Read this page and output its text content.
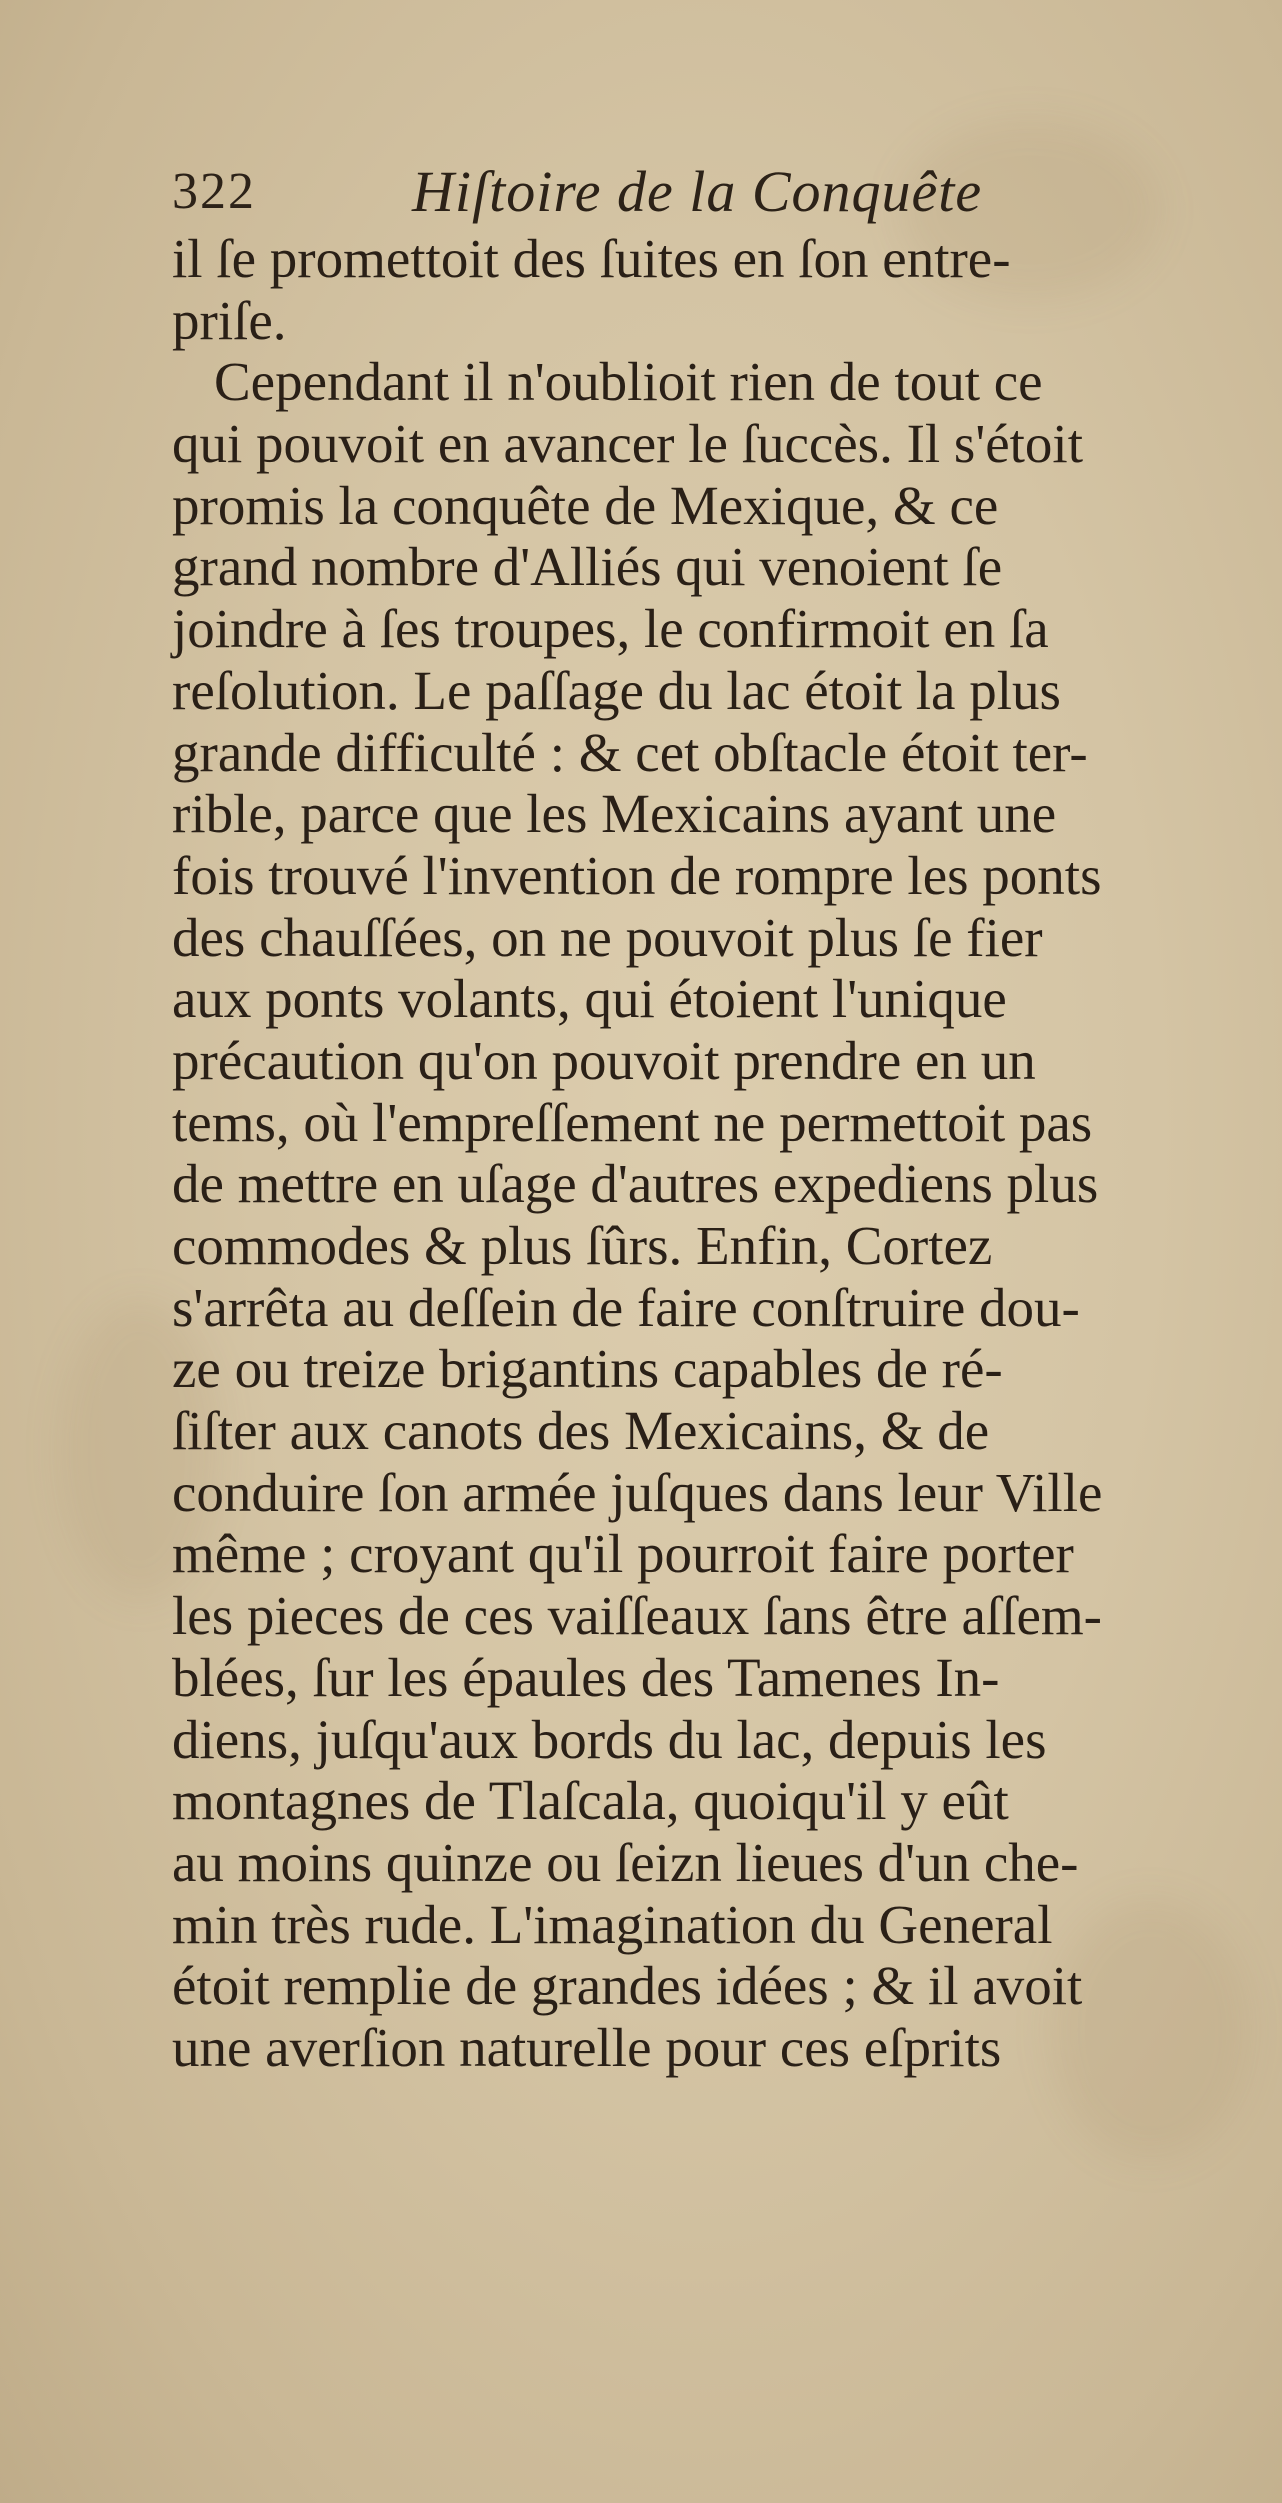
322	Hiſtoire de la Conquête
il ſe promettoit des ſuites en ſon entre-
priſe.
Cependant il n'oublioit rien de tout ce
qui pouvoit en avancer le ſuccès. Il s'étoit
promis la conquête de Mexique, & ce
grand nombre d'Alliés qui venoient ſe
joindre à ſes troupes, le confirmoit en ſa
reſolution. Le paſſage du lac étoit la plus
grande difficulté : & cet obſtacle étoit ter-
rible, parce que les Mexicains ayant une
fois trouvé l'invention de rompre les ponts
des chauſſées, on ne pouvoit plus ſe fier
aux ponts volants, qui étoient l'unique
précaution qu'on pouvoit prendre en un
tems, où l'empreſſement ne permettoit pas
de mettre en uſage d'autres expediens plus
commodes & plus ſûrs. Enfin, Cortez
s'arrêta au deſſein de faire conſtruire dou-
ze ou treize brigantins capables de ré-
ſiſter aux canots des Mexicains, & de
conduire ſon armée juſques dans leur Ville
même ; croyant qu'il pourroit faire porter
les pieces de ces vaiſſeaux ſans être aſſem-
blées, ſur les épaules des Tamenes In-
diens, juſqu'aux bords du lac, depuis les
montagnes de Tlaſcala, quoiqu'il y eût
au moins quinze ou ſeizn lieues d'un che-
min très rude. L'imagination du General
étoit remplie de grandes idées ; & il avoit
une averſion naturelle pour ces eſprits
